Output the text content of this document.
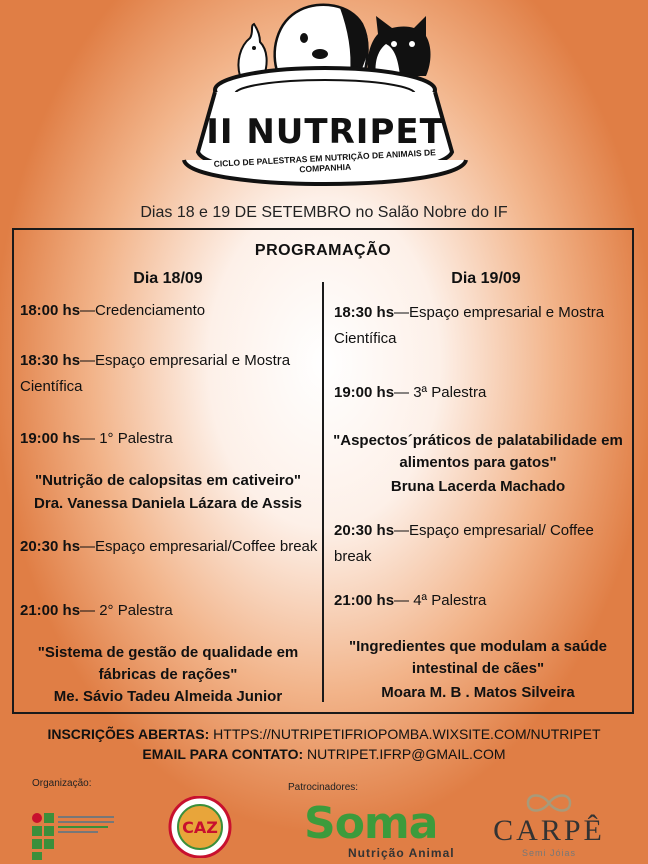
II NUTRIPET
CICLO DE PALESTRAS EM NUTRIÇÃO DE ANIMAIS DE COMPANHIA
Dias 18 e 19 DE SETEMBRO no Salão Nobre do IF
PROGRAMAÇÃO
Dia 18/09
18:00 hs—Credenciamento
18:30 hs—Espaço empresarial e Mostra Científica
19:00 hs— 1° Palestra
"Nutrição de calopsitas em cativeiro"
Dra. Vanessa Daniela Lázara de Assis
20:30 hs—Espaço empresarial/Coffee break
21:00 hs— 2° Palestra
"Sistema de gestão de qualidade em fábricas de rações"
Me. Sávio Tadeu Almeida Junior
Dia 19/09
18:30 hs—Espaço empresarial e Mostra Científica
19:00 hs— 3ª Palestra
"Aspectos´práticos de palatabilidade em alimentos para gatos"
Bruna Lacerda Machado
20:30 hs—Espaço empresarial/ Coffee break
21:00 hs— 4ª Palestra
"Ingredientes que modulam a saúde intestinal de cães"
Moara M. B . Matos Silveira
INSCRIÇÕES ABERTAS: HTTPS://NUTRIPETIFRIOPOMBA.WIXSITE.COM/NUTRIPET
EMAIL PARA CONTATO: NUTRIPET.IFRP@GMAIL.COM
Organização:	Patrocinadores:
CAZ Soma
Nutrição Animal
CARPÊ
Semi Jóias
